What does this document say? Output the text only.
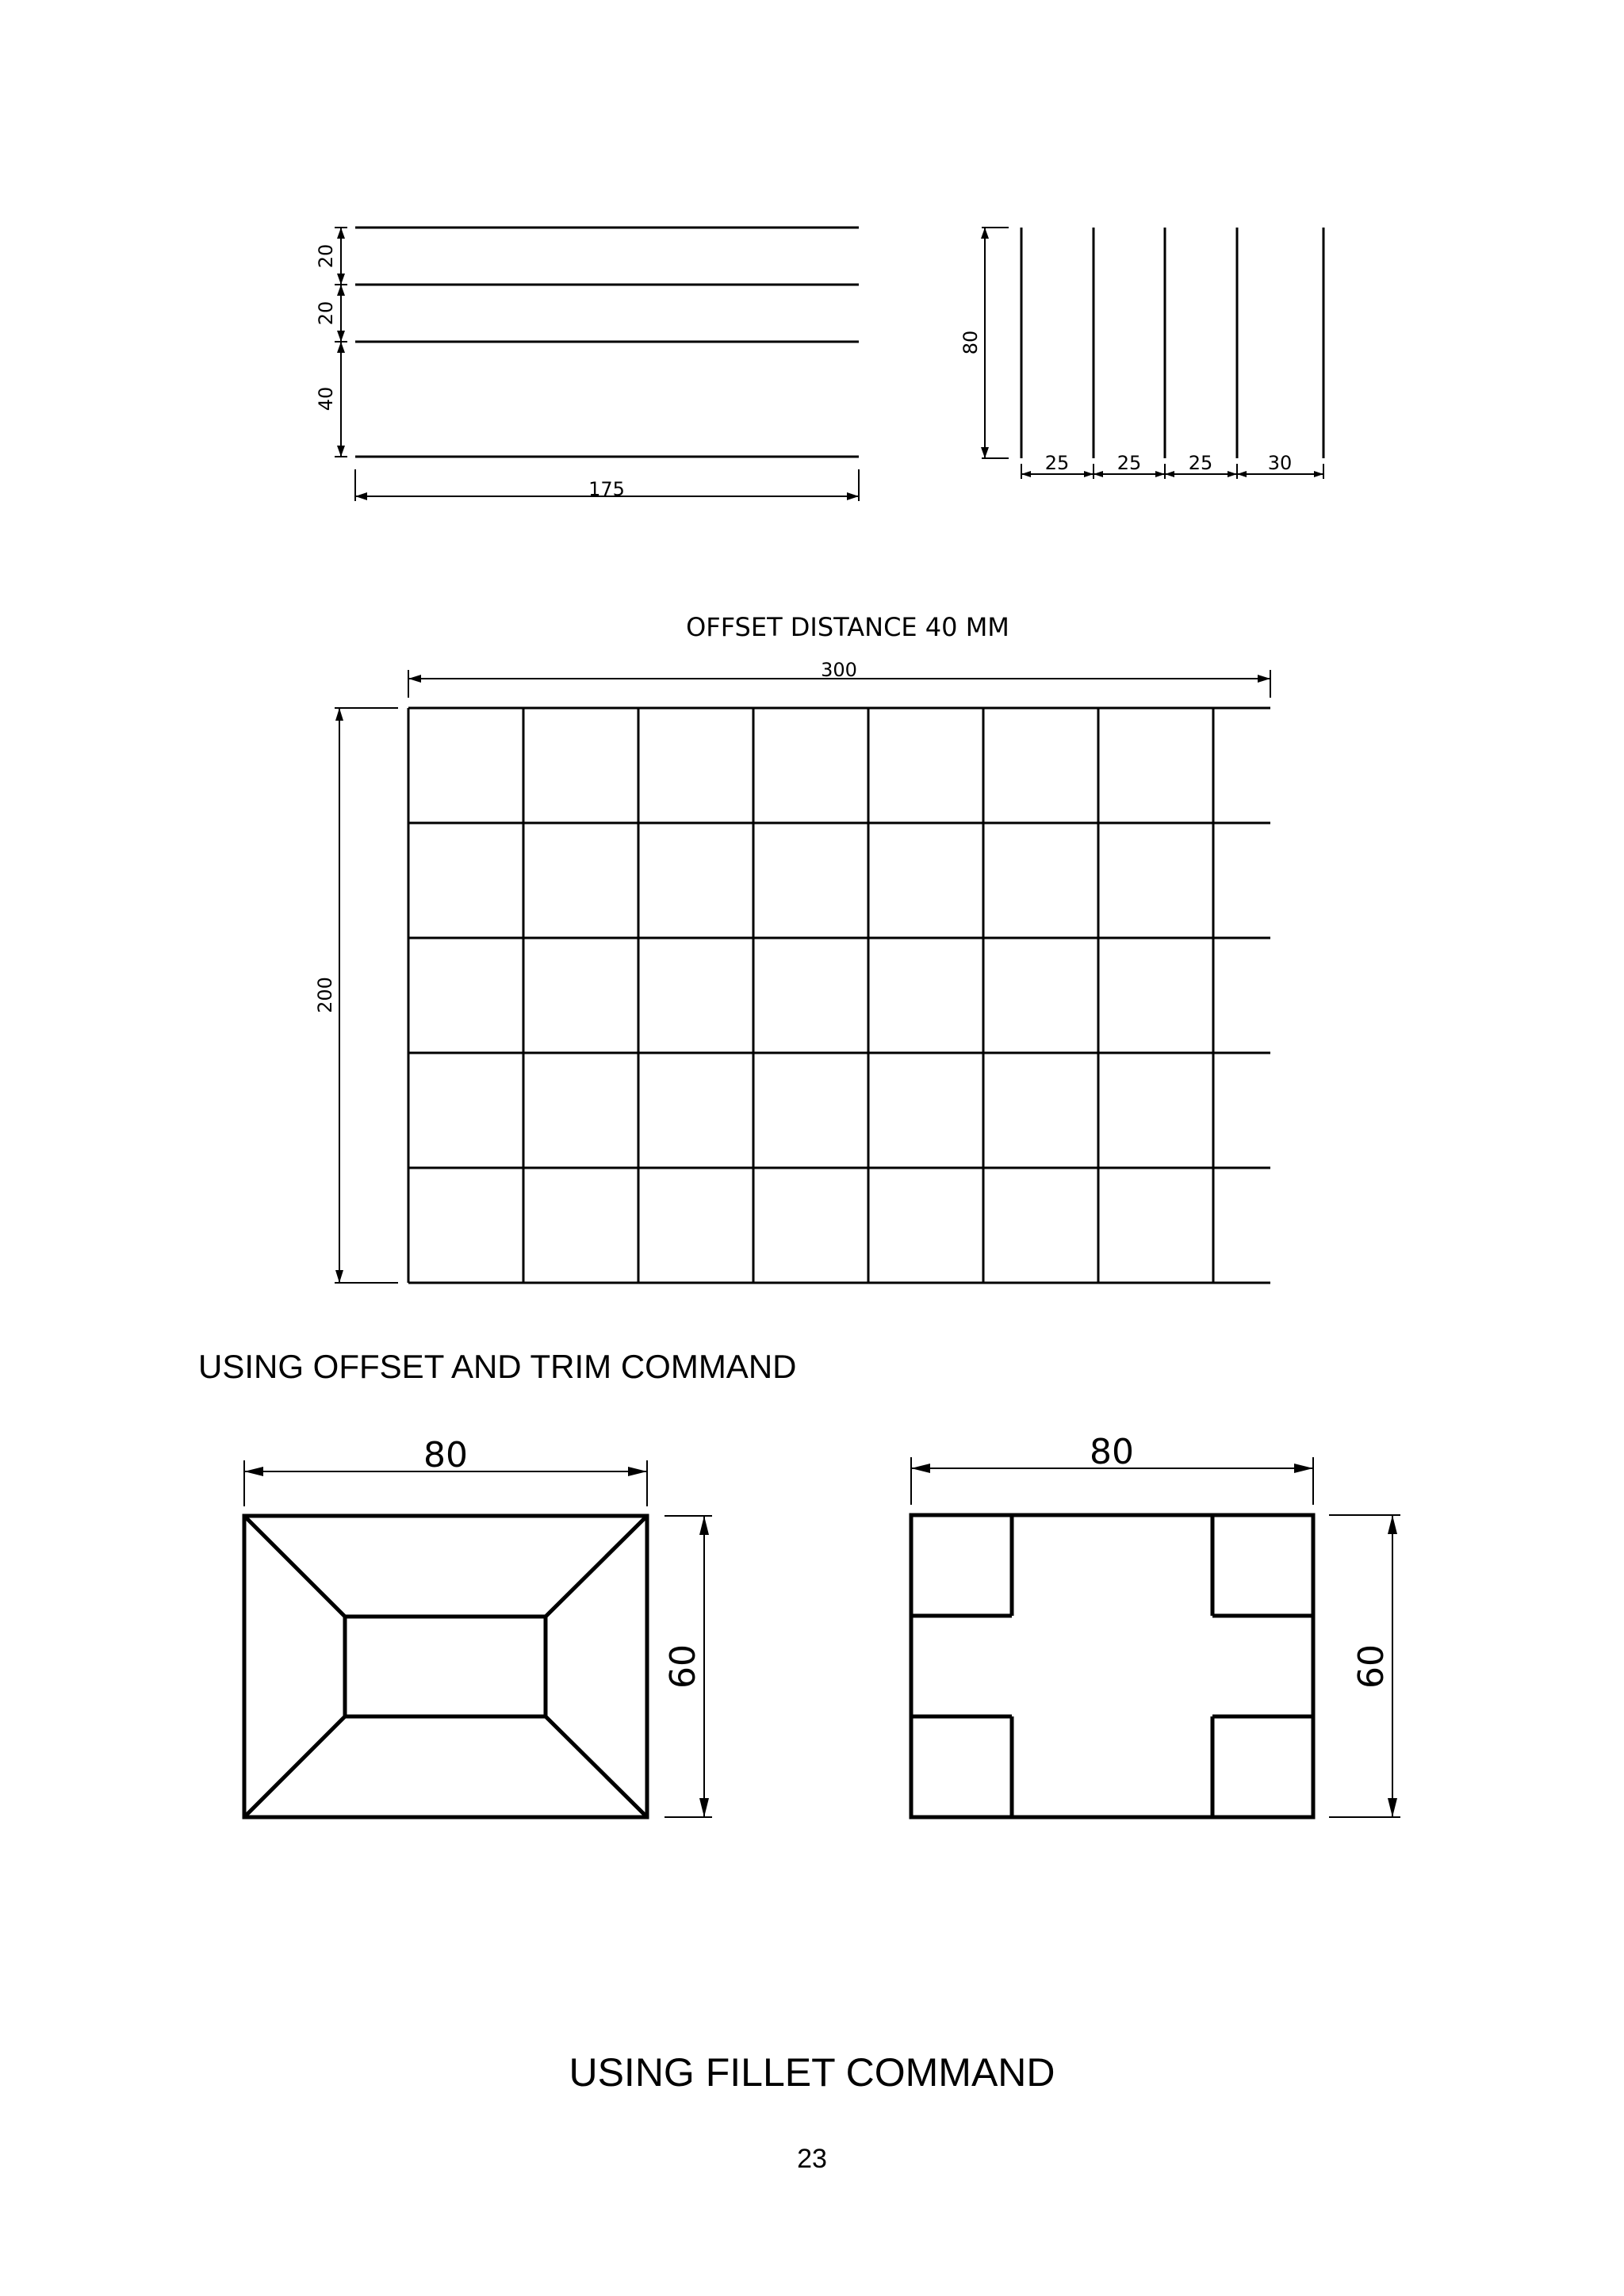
20
20
40
175
80
25	25 25	30
OFFSET DISTANCE 40 MM
300
200
80
60
80
60
USING OFFSET AND TRIM COMMAND
USING FILLET COMMAND
23
